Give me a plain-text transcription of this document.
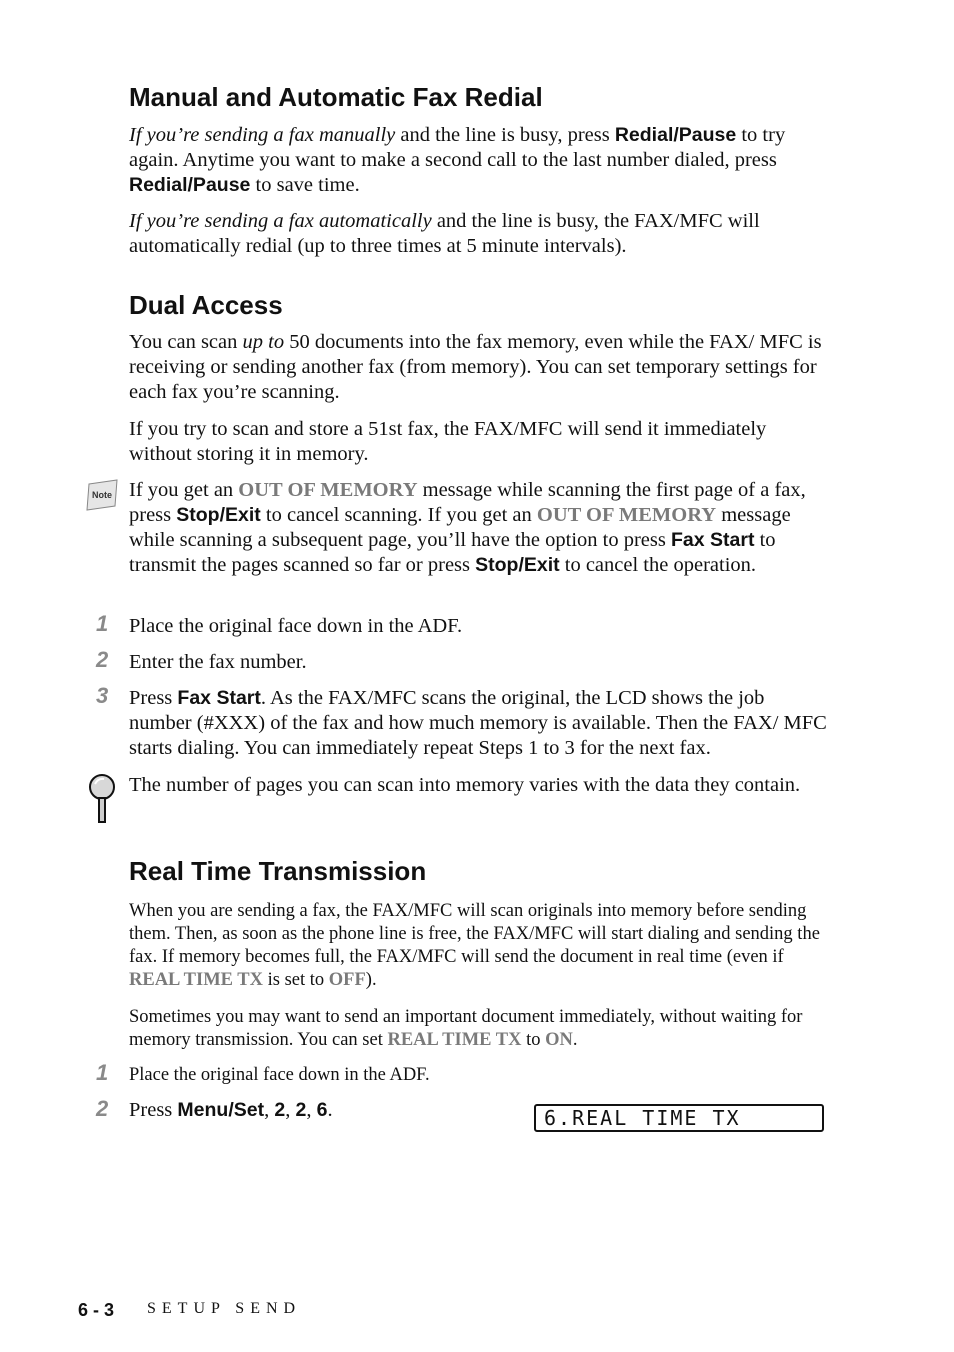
Manual and Automatic Fax Redial

If you’re sending a fax manually and the line is busy, press Redial/Pause to try again. Anytime you want to make a second call to the last number dialed, press Redial/Pause to save time.

If you’re sending a fax automatically and the line is busy, the FAX/MFC will automatically redial (up to three times at 5 minute intervals).

Dual Access

You can scan up to 50 documents into the fax memory, even while the FAX/ MFC is receiving or sending another fax (from memory). You can set temporary settings for each fax you’re scanning.

If you try to scan and store a 51st fax, the FAX/MFC will send it immediately without storing it in memory.

Note If you get an OUT OF MEMORY message while scanning the first page of a fax, press Stop/Exit to cancel scanning. If you get an OUT OF MEMORY message while scanning a subsequent page, you’ll have the option to press Fax Start to transmit the pages scanned so far or press Stop/Exit to cancel the operation.

1 Place the original face down in the ADF.

2 Enter the fax number.

3 Press Fax Start. As the FAX/MFC scans the original, the LCD shows the job number (#XXX) of the fax and how much memory is available. Then the FAX/ MFC starts dialing. You can immediately repeat Steps 1 to 3 for the next fax.

The number of pages you can scan into memory varies with the data they contain.

Real Time Transmission

When you are sending a fax, the FAX/MFC will scan originals into memory before sending them. Then, as soon as the phone line is free, the FAX/MFC will start dialing and sending the fax. If memory becomes full, the FAX/MFC will send the document in real time (even if REAL TIME TX is set to OFF).

Sometimes you may want to send an important document immediately, without waiting for memory transmission. You can set REAL TIME TX to ON.

1 Place the original face down in the ADF.

2 Press Menu/Set, 2, 2, 6.	6.REAL TIME TX
6 - 3 SETUP SEND
